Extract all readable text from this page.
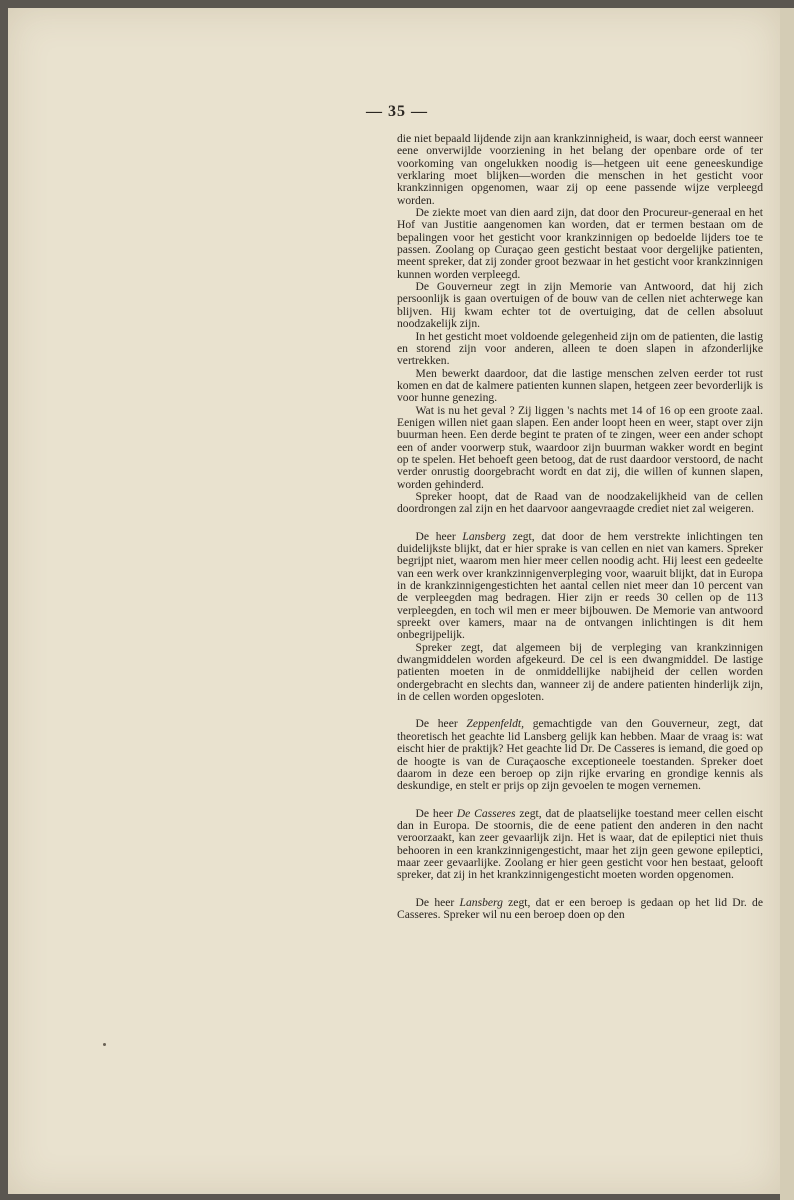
— 35 —

die niet bepaald lijdende zijn aan krankzinnigheid, is waar, doch eerst wanneer eene onverwijlde voorziening in het belang der openbare orde of ter voorkoming van ongelukken noodig is—hetgeen uit eene geneeskundige verklaring moet blijken—worden die menschen in het gesticht voor krankzinnigen opgenomen, waar zij op eene passende wijze verpleegd worden.

De ziekte moet van dien aard zijn, dat door den Procureur-generaal en het Hof van Justitie aangenomen kan worden, dat er termen bestaan om de bepalingen voor het gesticht voor krankzinnigen op bedoelde lijders toe te passen. Zoolang op Curaçao geen gesticht bestaat voor dergelijke patienten, meent spreker, dat zij zonder groot bezwaar in het gesticht voor krankzinnigen kunnen worden verpleegd.

De Gouverneur zegt in zijn Memorie van Antwoord, dat hij zich persoonlijk is gaan overtuigen of de bouw van de cellen niet achterwege kan blijven. Hij kwam echter tot de overtuiging, dat de cellen absoluut noodzakelijk zijn.

In het gesticht moet voldoende gelegenheid zijn om de patienten, die lastig en storend zijn voor anderen, alleen te doen slapen in afzonderlijke vertrekken.

Men bewerkt daardoor, dat die lastige menschen zelven eerder tot rust komen en dat de kalmere patienten kunnen slapen, hetgeen zeer bevorderlijk is voor hunne genezing.

Wat is nu het geval ? Zij liggen 's nachts met 14 of 16 op een groote zaal. Eenigen willen niet gaan slapen. Een ander loopt heen en weer, stapt over zijn buurman heen. Een derde begint te praten of te zingen, weer een ander schopt een of ander voorwerp stuk, waardoor zijn buurman wakker wordt en begint op te spelen. Het behoeft geen betoog, dat de rust daardoor verstoord, de nacht verder onrustig doorgebracht wordt en dat zij, die willen of kunnen slapen, worden gehinderd.

Spreker hoopt, dat de Raad van de noodzakelijkheid van de cellen doordrongen zal zijn en het daarvoor aangevraagde crediet niet zal weigeren.

De heer Lansberg zegt, dat door de hem verstrekte inlichtingen ten duidelijkste blijkt, dat er hier sprake is van cellen en niet van kamers. Spreker begrijpt niet, waarom men hier meer cellen noodig acht. Hij leest een gedeelte van een werk over krankzinnigenverpleging voor, waaruit blijkt, dat in Europa in de krankzinnigengestichten het aantal cellen niet meer dan 10 percent van de verpleegden mag bedragen. Hier zijn er reeds 30 cellen op de 113 verpleegden, en toch wil men er meer bijbouwen. De Memorie van antwoord spreekt over kamers, maar na de ontvangen inlichtingen is dit hem onbegrijpelijk.

Spreker zegt, dat algemeen bij de verpleging van krankzinnigen dwangmiddelen worden afgekeurd. De cel is een dwangmiddel. De lastige patienten moeten in de onmiddellijke nabijheid der cellen worden ondergebracht en slechts dan, wanneer zij de andere patienten hinderlijk zijn, in de cellen worden opgesloten.

De heer Zeppenfeldt, gemachtigde van den Gouverneur, zegt, dat theoretisch het geachte lid Lansberg gelijk kan hebben. Maar de vraag is: wat eischt hier de praktijk? Het geachte lid Dr. De Casseres is iemand, die goed op de hoogte is van de Curaçaosche exceptioneele toestanden. Spreker doet daarom in deze een beroep op zijn rijke ervaring en grondige kennis als deskundige, en stelt er prijs op zijn gevoelen te mogen vernemen.

De heer De Casseres zegt, dat de plaatselijke toestand meer cellen eischt dan in Europa. De stoornis, die de eene patient den anderen in den nacht veroorzaakt, kan zeer gevaarlijk zijn. Het is waar, dat de epileptici niet thuis behooren in een krankzinnigengesticht, maar het zijn geen gewone epileptici, maar zeer gevaarlijke. Zoolang er hier geen gesticht voor hen bestaat, gelooft spreker, dat zij in het krankzinnigengesticht moeten worden opgenomen.

De heer Lansberg zegt, dat er een beroep is gedaan op het lid Dr. de Casseres. Spreker wil nu een beroep doen op den
